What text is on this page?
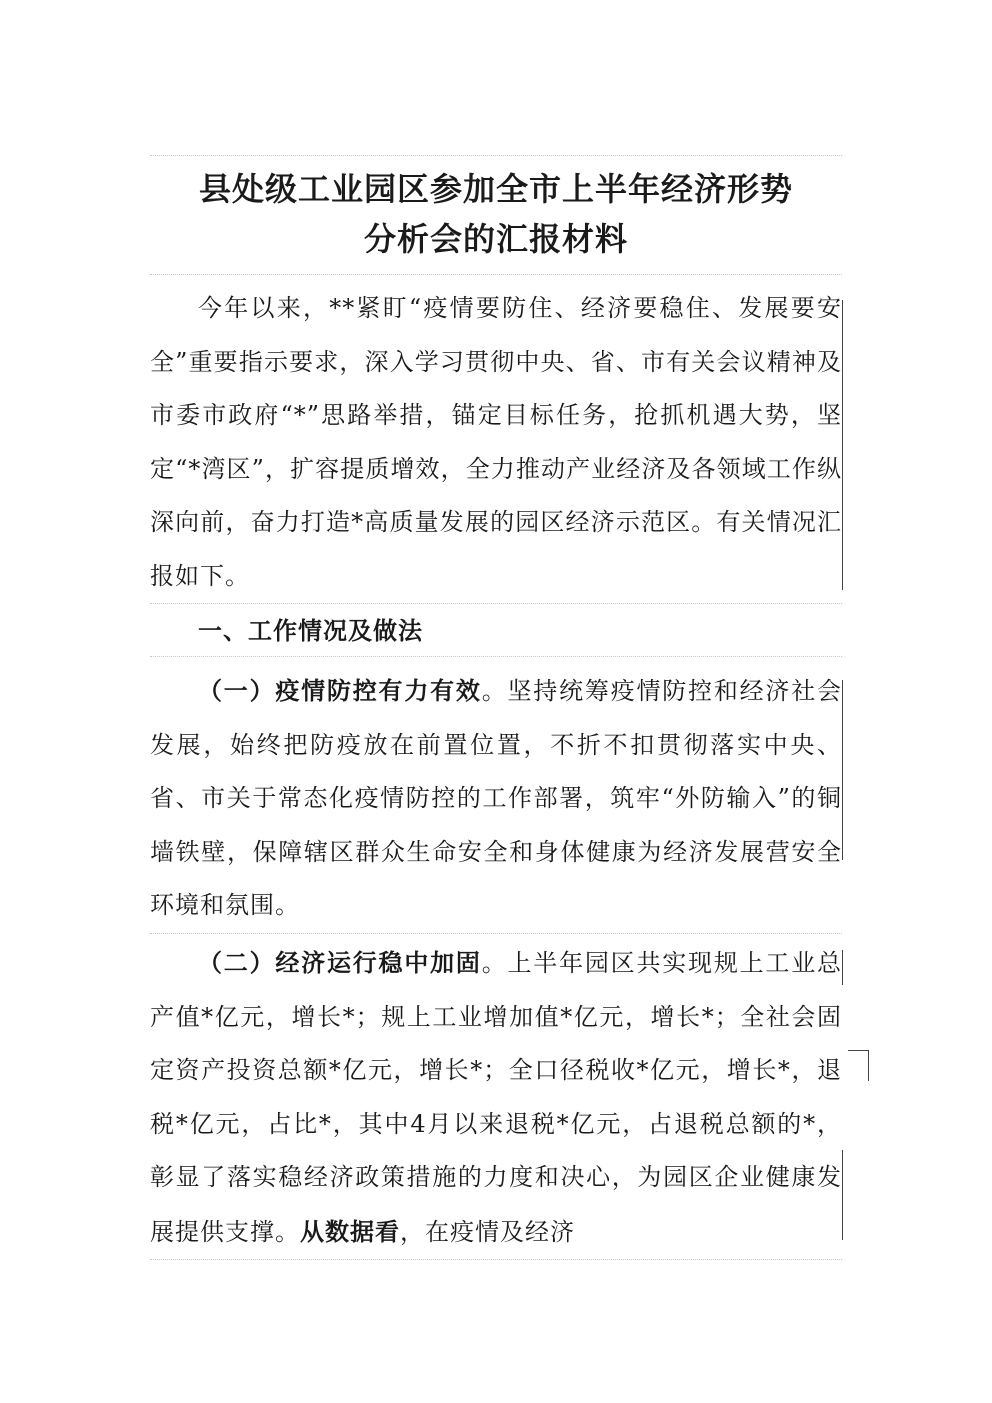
县处级工业园区参加全市上半年经济形势
分析会的汇报材料
今年以来，**紧盯“疫情要防住、经济要稳住、发展要安全”重要指示要求，深入学习贯彻中央、省、市有关会议精神及市委市政府“*”思路举措，锚定目标任务，抢抓机遇大势，坚定“*湾区”，扩容提质增效，全力推动产业经济及各领域工作纵深向前，奋力打造*高质量发展的园区经济示范区。有关情况汇报如下。
一、工作情况及做法
（一）疫情防控有力有效。坚持统筹疫情防控和经济社会发展，始终把防疫放在前置位置，不折不扣贯彻落实中央、省、市关于常态化疫情防控的工作部署，筑牢“外防输入”的铜墙铁壁，保障辖区群众生命安全和身体健康为经济发展营安全环境和氛围。
（二）经济运行稳中加固。上半年园区共实现规上工业总产值*亿元，增长*；规上工业增加值*亿元，增长*；全社会固定资产投资总额*亿元，增长*；全口径税收*亿元，增长*，退税*亿元，占比*，其中4月以来退税*亿元，占退税总额的*，彰显了落实稳经济政策措施的力度和决心，为园区企业健康发展提供支撑。从数据看，在疫情及经济
